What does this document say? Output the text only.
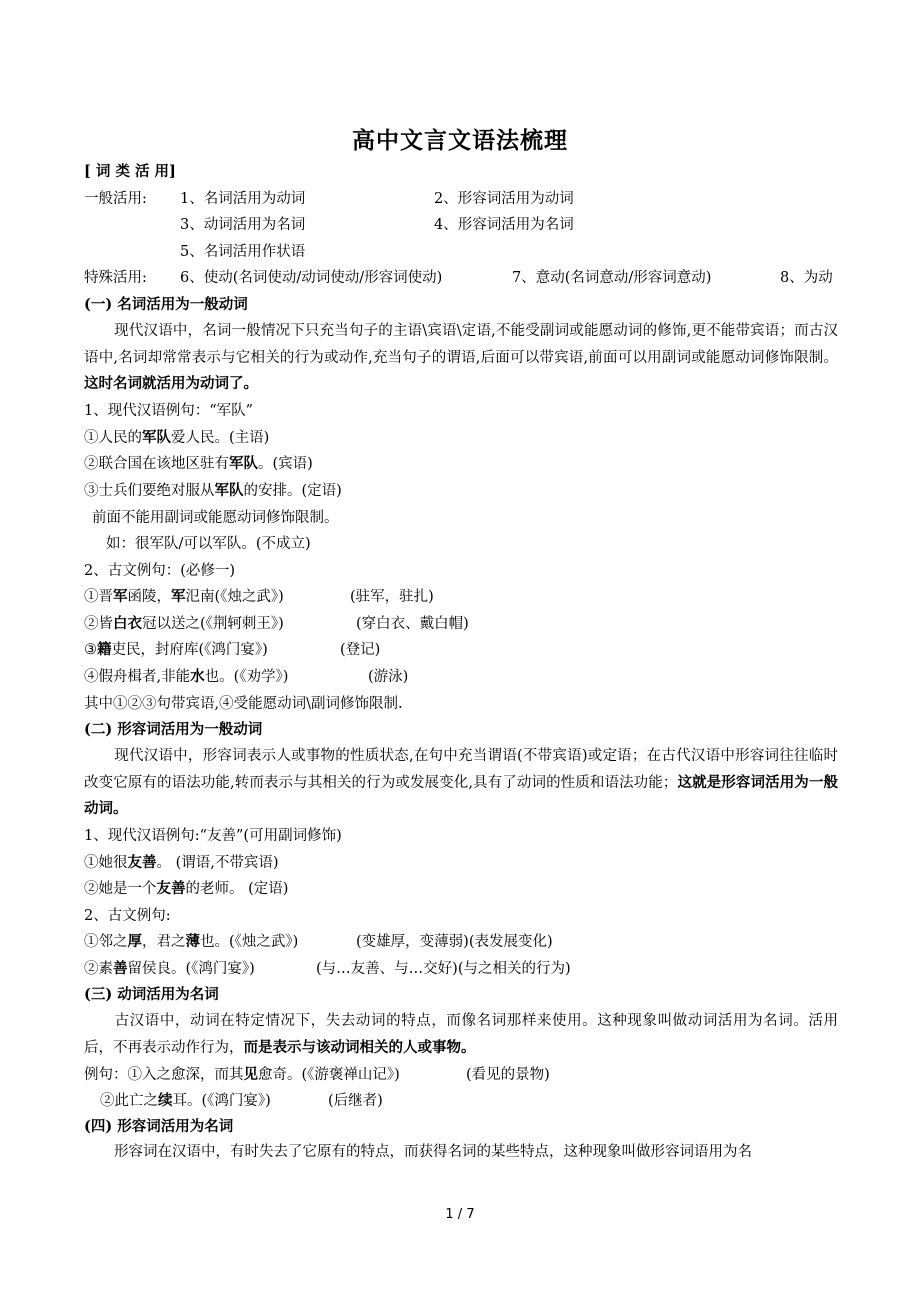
高中文言文语法梳理
[ 词 类 活 用]
一般活用: 1、名词活用为动词	2、形容词活用为动词
3、动词活用为名词	4、形容词活用为名词
5、名词活用作状语
特殊活用: 6、使动(名词使动/动词使动/形容词使动)	7、意动(名词意动/形容词意动)	8、为动
(一) 名词活用为一般动词
现代汉语中，名词一般情况下只充当句子的主语\宾语\定语,不能受副词或能愿动词的修饰,更不能带宾语；而古汉语中,名词却常常表示与它相关的行为或动作,充当句子的谓语,后面可以带宾语,前面可以用副词或能愿动词修饰限制。这时名词就活用为动词了。
1、现代汉语例句：“军队”
①人民的军队爱人民。(主语)
②联合国在该地区驻有军队。(宾语)
③士兵们要绝对服从军队的安排。(定语)
前面不能用副词或能愿动词修饰限制。
如：很军队/可以军队。(不成立)
2、古文例句：(必修一)
①晋军函陵，军氾南(《烛之武》)	(驻军，驻扎)
②皆白衣冠以送之(《荆轲刺王》)	(穿白衣、戴白帽)
③籍吏民，封府库(《鸿门宴》)	(登记)
④假舟楫者,非能水也。(《劝学》)	(游泳)
其中①②③句带宾语,④受能愿动词\副词修饰限制.
(二) 形容词活用为一般动词
现代汉语中，形容词表示人或事物的性质状态,在句中充当谓语(不带宾语)或定语；在古代汉语中形容词往往临时改变它原有的语法功能,转而表示与其相关的行为或发展变化,具有了动词的性质和语法功能；这就是形容词活用为一般动词。
1、现代汉语例句:“友善”(可用副词修饰)
①她很友善。 (谓语,不带宾语)
②她是一个友善的老师。 (定语)
2、古文例句:
①邻之厚，君之薄也。(《烛之武》)	(变雄厚，变薄弱)(表发展变化)
②素善留侯良。(《鸿门宴》)	(与…友善、与…交好)(与之相关的行为)
(三) 动词活用为名词
古汉语中，动词在特定情况下，失去动词的特点，而像名词那样来使用。这种现象叫做动词活用为名词。活用后，不再表示动作行为，而是表示与该动词相关的人或事物。
例句：①入之愈深，而其见愈奇。(《游褒禅山记》)	(看见的景物)
②此亡之续耳。(《鸿门宴》)	(后继者)
(四) 形容词活用为名词
形容词在汉语中，有时失去了它原有的特点，而获得名词的某些特点，这种现象叫做形容词语用为名
1 / 7
